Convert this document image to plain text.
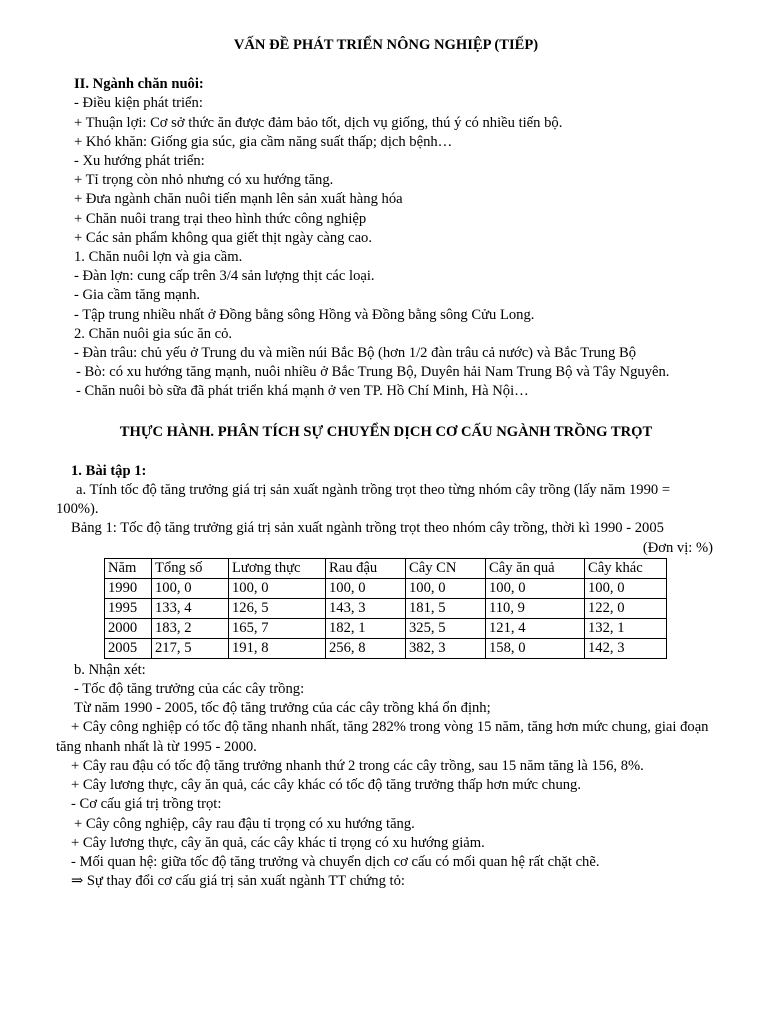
VẤN ĐỀ PHÁT TRIỂN NÔNG NGHIỆP (TIẾP)

II. Ngành chăn nuôi:

- Điều kiện phát triển:

+ Thuận lợi: Cơ sở thức ăn được đảm bảo tốt, dịch vụ giống, thú ý có nhiều tiến bộ.

+ Khó khăn: Giống gia súc, gia cầm năng suất thấp; dịch bệnh…

- Xu hướng phát triển:

+ Tỉ trọng còn nhỏ nhưng có xu hướng tăng.

+ Đưa ngành chăn nuôi tiến mạnh lên sản xuất hàng hóa

+ Chăn nuôi trang trại theo hình thức công nghiệp

+ Các sản phẩm không qua giết thịt ngày càng cao.

1. Chăn nuôi lợn và gia cầm.

- Đàn lợn: cung cấp trên 3/4 sản lượng thịt các loại.

- Gia cầm tăng mạnh.

- Tập trung nhiều nhất ở Đồng bằng sông Hồng và Đồng bằng sông Cửu Long.

2. Chăn nuôi gia súc ăn cỏ.

- Đàn trâu: chủ yếu ở Trung du và miền núi Bắc Bộ (hơn 1/2 đàn trâu cả nước) và Bắc Trung Bộ

- Bò: có xu hướng tăng mạnh, nuôi nhiều ở Bắc Trung Bộ, Duyên hải Nam Trung Bộ và Tây Nguyên.

- Chăn nuôi bò sữa đã phát triển khá mạnh ở ven TP. Hồ Chí Minh, Hà Nội…

THỰC HÀNH. PHÂN TÍCH SỰ CHUYỂN DỊCH CƠ CẤU NGÀNH TRỒNG TRỌT

1. Bài tập 1:

a. Tính tốc độ tăng trưởng giá trị sản xuất ngành trồng trọt theo từng nhóm cây trồng (lấy năm 1990 = 100%).

Bảng 1: Tốc độ tăng trưởng giá trị sản xuất ngành trồng trọt theo nhóm cây trồng, thời kì 1990 - 2005

(Đơn vị: %)

Năm	Tổng số	Lương thực	Rau đậu	Cây CN	Cây ăn quả	Cây khác
1990	100, 0	100, 0	100, 0	100, 0	100, 0	100, 0
1995	133, 4	126, 5	143, 3	181, 5	110, 9	122, 0
2000	183, 2	165, 7	182, 1	325, 5	121, 4	132, 1
2005	217, 5	191, 8	256, 8	382, 3	158, 0	142, 3

b. Nhận xét:

- Tốc độ tăng trưởng của các cây trồng:

Từ năm 1990 - 2005, tốc độ tăng trưởng của các cây trồng khá ổn định;

+ Cây công nghiệp có tốc độ tăng nhanh nhất, tăng 282% trong vòng 15 năm, tăng hơn mức chung, giai đoạn tăng nhanh nhất là từ 1995 - 2000.

+ Cây rau đậu có tốc độ tăng trưởng nhanh thứ 2 trong các cây trồng, sau 15 năm tăng là 156, 8%.

+ Cây lương thực, cây ăn quả, các cây khác có tốc độ tăng trưởng thấp hơn mức chung.

- Cơ cấu giá trị trồng trọt:

+ Cây công nghiệp, cây rau đậu tỉ trọng có xu hướng tăng.

+ Cây lương thực, cây ăn quả, các cây khác tỉ trọng có xu hướng giảm.

- Mối quan hệ: giữa tốc độ tăng trưởng và chuyển dịch cơ cấu có mối quan hệ rất chặt chẽ.

⇒ Sự thay đổi cơ cấu giá trị sản xuất ngành TT chứng tỏ:
